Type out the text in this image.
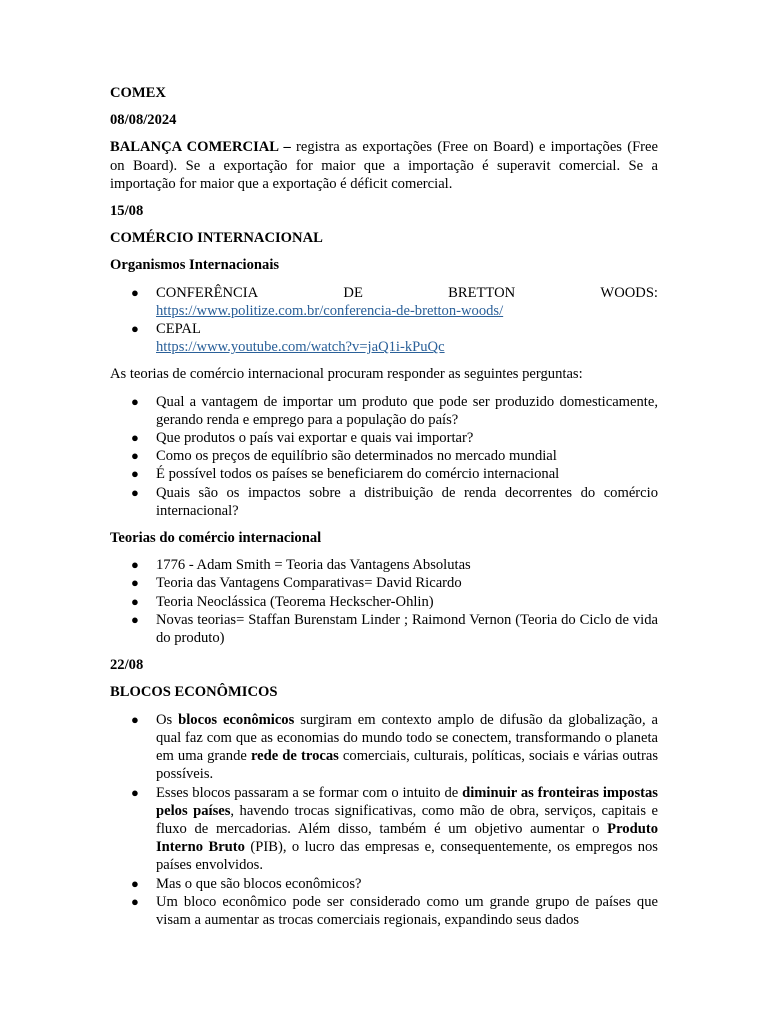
COMEX

08/08/2024

BALANÇA COMERCIAL – registra as exportações (Free on Board) e importações (Free on Board). Se a exportação for maior que a importação é superavit comercial. Se a importação for maior que a exportação é déficit comercial.

15/08

COMÉRCIO INTERNACIONAL

Organismos Internacionais

● CONFERÊNCIA	DE	BRETTON	WOODS:
https://www.politize.com.br/conferencia-de-bretton-woods/
● CEPAL
https://www.youtube.com/watch?v=jaQ1i-kPuQc

As teorias de comércio internacional procuram responder as seguintes perguntas:

● Qual a vantagem de importar um produto que pode ser produzido domesticamente, gerando renda e emprego para a população do país?
● Que produtos o país vai exportar e quais vai importar?
● Como os preços de equilíbrio são determinados no mercado mundial
● É possível todos os países se beneficiarem do comércio internacional
● Quais são os impactos sobre a distribuição de renda decorrentes do comércio internacional?

Teorias do comércio internacional

● 1776 - Adam Smith = Teoria das Vantagens Absolutas
● Teoria das Vantagens Comparativas= David Ricardo
● Teoria Neoclássica (Teorema Heckscher-Ohlin)
● Novas teorias= Staffan Burenstam Linder ; Raimond Vernon (Teoria do Ciclo de vida do produto)

22/08

BLOCOS ECONÔMICOS

● Os blocos econômicos surgiram em contexto amplo de difusão da globalização, a qual faz com que as economias do mundo todo se conectem, transformando o planeta em uma grande rede de trocas comerciais, culturais, políticas, sociais e várias outras possíveis.
● Esses blocos passaram a se formar com o intuito de diminuir as fronteiras impostas pelos países, havendo trocas significativas, como mão de obra, serviços, capitais e fluxo de mercadorias. Além disso, também é um objetivo aumentar o Produto Interno Bruto (PIB), o lucro das empresas e, consequentemente, os empregos nos países envolvidos.
● Mas o que são blocos econômicos?
● Um bloco econômico pode ser considerado como um grande grupo de países que visam a aumentar as trocas comerciais regionais, expandindo seus dados
